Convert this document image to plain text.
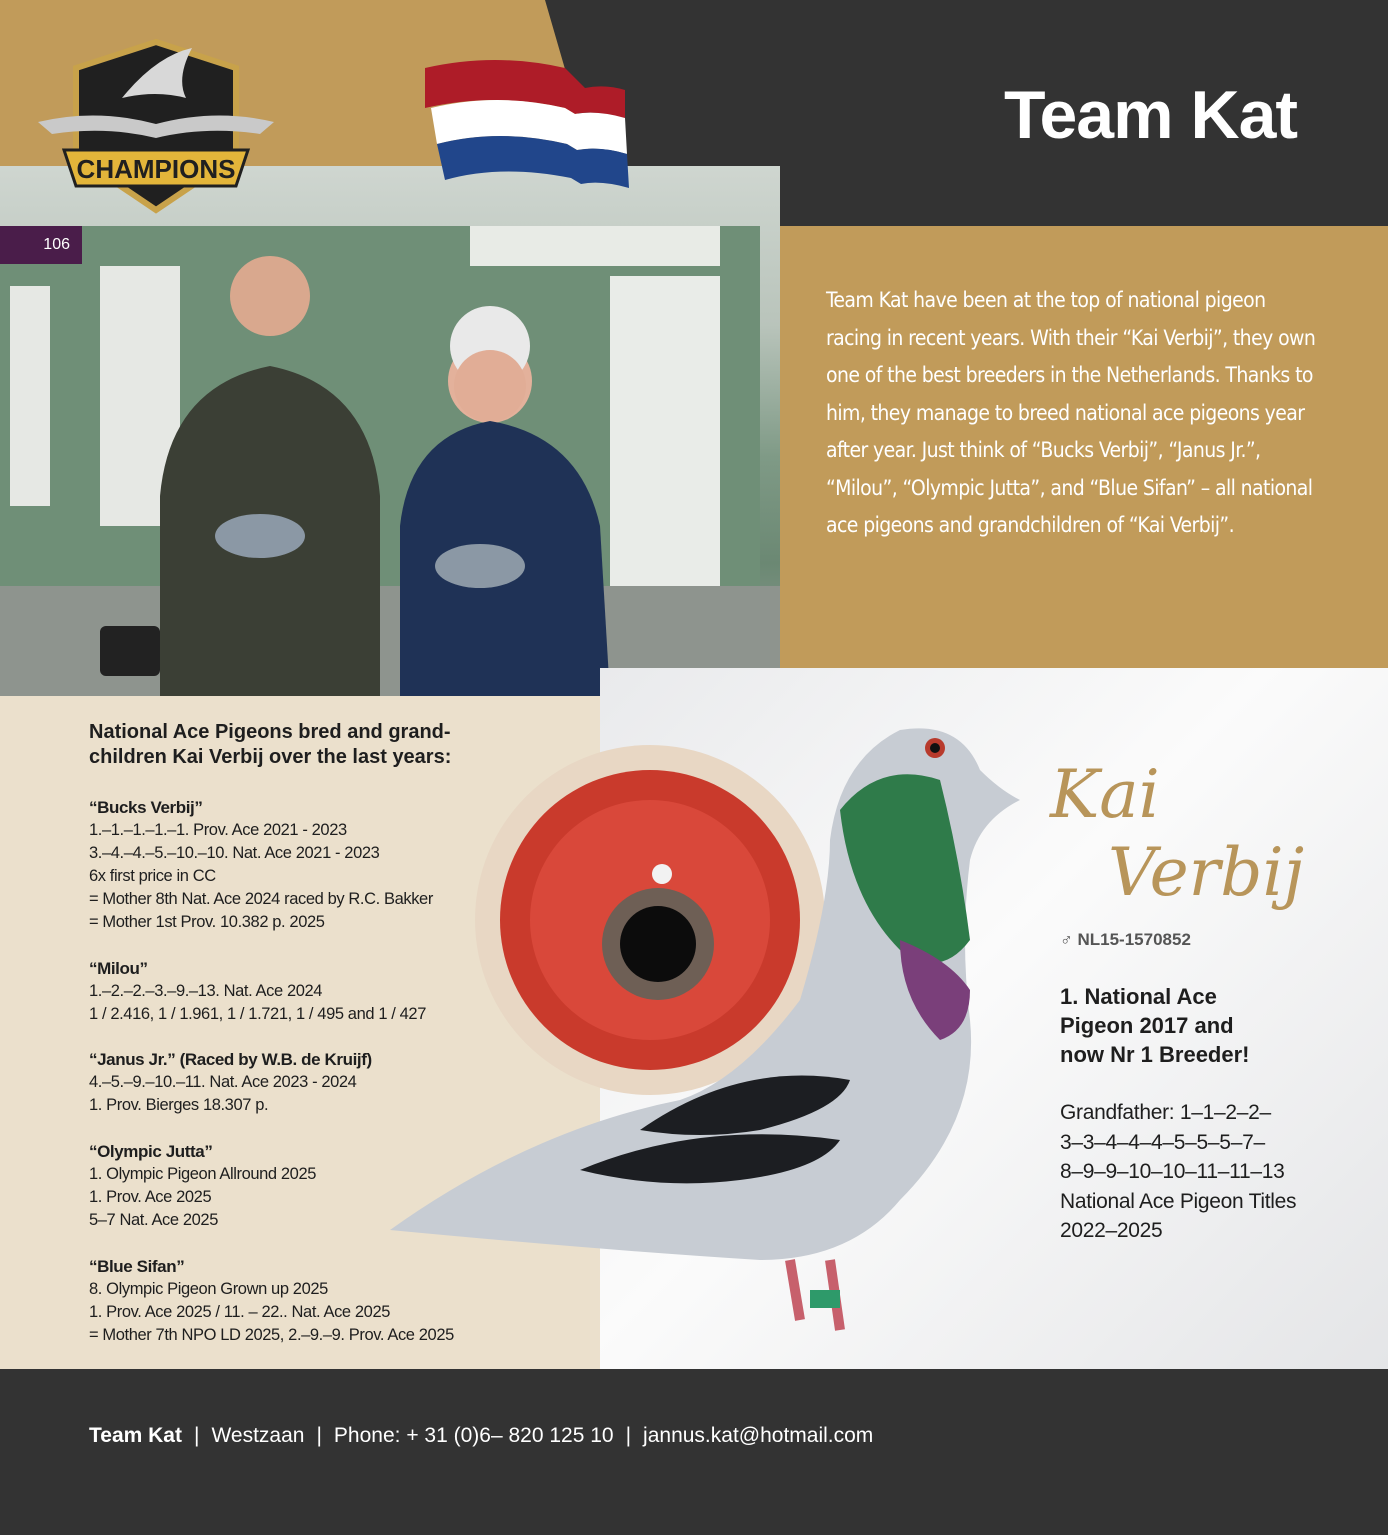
CHAMPIONS
Team Kat
106
Team Kat have been at the top of national pigeon racing in recent years. With their “Kai Verbij”, they own one of the best breeders in the Netherlands. Thanks to him, they manage to breed national ace pigeons year after year. Just think of “Bucks Verbij”, “Janus Jr.”, “Milou”, “Olympic Jutta”, and “Blue Sifan” – all national ace pigeons and grandchildren of “Kai Verbij”.
National Ace Pigeons bred and grand-
children Kai Verbij over the last years:
“Bucks Verbij”
1.–1.–1.–1.–1. Prov. Ace 2021 - 2023
3.–4.–4.–5.–10.–10. Nat. Ace 2021 - 2023
6x first price in CC
= Mother 8th Nat. Ace 2024 raced by R.C. Bakker
= Mother 1st Prov. 10.382 p. 2025
“Milou”
1.–2.–2.–3.–9.–13. Nat. Ace 2024
1 / 2.416, 1 / 1.961, 1 / 1.721, 1 / 495 and 1 / 427
“Janus Jr.” (Raced by W.B. de Kruijf)
4.–5.–9.–10.–11. Nat. Ace 2023 - 2024
1. Prov. Bierges 18.307 p.
“Olympic Jutta”
1. Olympic Pigeon Allround 2025
1. Prov. Ace 2025
5–7 Nat. Ace 2025
“Blue Sifan”
8. Olympic Pigeon Grown up 2025
1. Prov. Ace 2025 / 11. – 22.. Nat. Ace 2025
= Mother 7th NPO LD 2025, 2.–9.–9. Prov. Ace 2025
Kai
Verbij
♂ NL15-1570852
1. National Ace
Pigeon 2017 and
now Nr 1 Breeder!
Grandfather: 1–1–2–2–
3–3–4–4–4–5–5–5–7–
8–9–9–10–10–11–11–13
National Ace Pigeon Titles
2022–2025
Team Kat | Westzaan | Phone: + 31 (0)6– 820 125 10 | jannus.kat@hotmail.com
